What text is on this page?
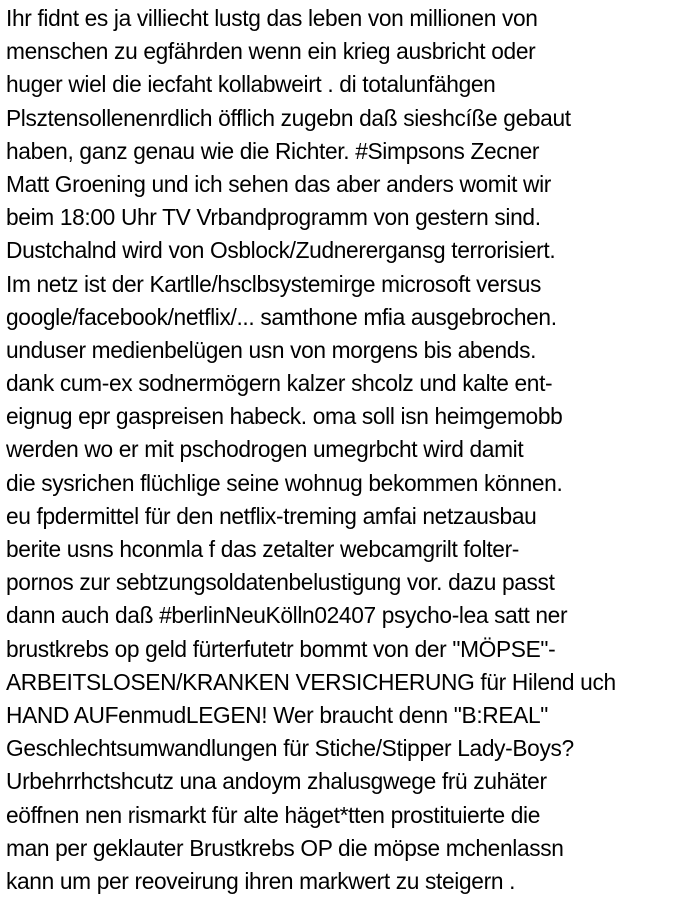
Ihr fidnt es ja villiecht lustg das leben von millionen von
menschen zu egfährden wenn ein krieg ausbricht oder
huger wiel die iecfaht kollabweirt . di totalunfähgen
Plsztensollenenrdlich öfflich zugebn daß sieshcíße gebaut
haben, ganz genau wie die Richter. #Simpsons Zecner
Matt Groening und ich sehen das aber anders womit wir
beim 18:00 Uhr TV Vrbandprogramm von gestern sind.
Dustchalnd wird von Osblock/Zudnerergansg terrorisiert.
Im netz ist der Kartlle/hsclbsystemirge microsoft versus
google/facebook/netflix/... samthone mfia ausgebrochen.
unduser medienbelügen usn von morgens bis abends.
dank cum-ex sodnermögern kalzer shcolz und kalte ent-
eignug epr gaspreisen habeck. oma soll isn heimgemobb
werden wo er mit pschodrogen umegrbcht wird damit
die sysrichen flüchlige seine wohnug bekommen können.
eu fpdermittel für den netflix-treming amfai netzausbau
berite usns hconmla f das zetalter webcamgrilt folter-
pornos zur sebtzungsoldatenbelustigung vor. dazu passt
dann auch daß #berlinNeuKölln02407 psycho-lea satt ner
brustkrebs op geld fürterfutetr bommt von der "MÖPSE"-
ARBEITSLOSEN/KRANKEN VERSICHERUNG für Hilend uch
HAND AUFenmudLEGEN! Wer braucht denn "B:REAL"
Geschlechtsumwandlungen für Stiche/Stipper Lady-Boys?
Urbehrrhctshcutz una andoym zhalusgwege frü zuhäter
eöffnen nen rismarkt für alte häget*tten prostituierte die
man per geklauter Brustkrebs OP die möpse mchenlassn
kann um per reoveirung ihren markwert zu steigern .
